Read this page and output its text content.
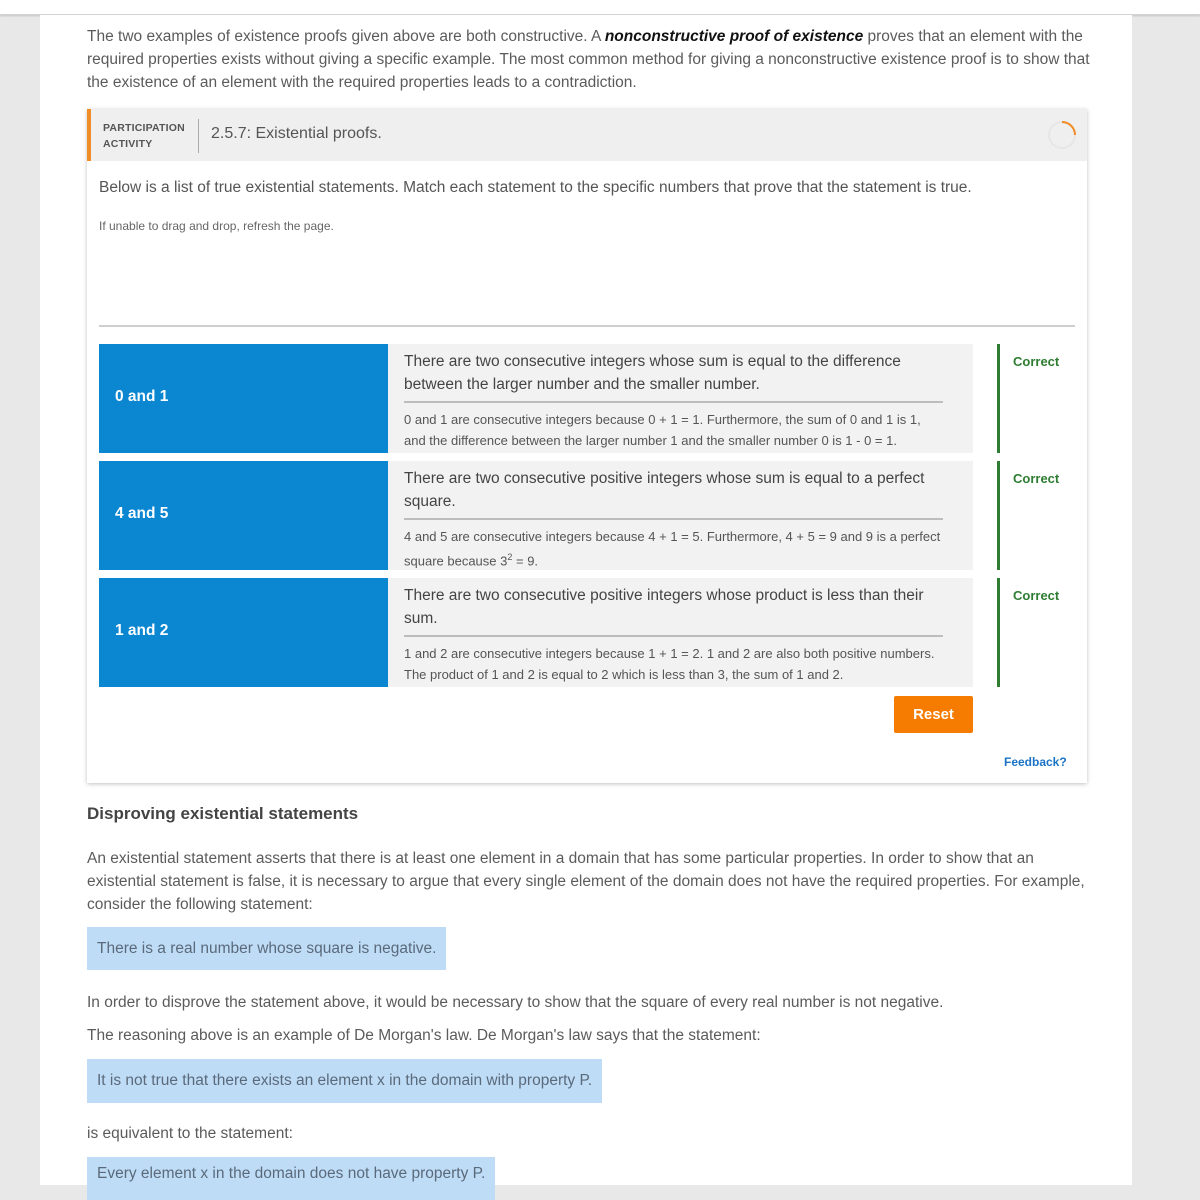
The two examples of existence proofs given above are both constructive. A nonconstructive proof of existence proves that an element with the required properties exists without giving a specific example. The most common method for giving a nonconstructive existence proof is to show that the existence of an element with the required properties leads to a contradiction.

PARTICIPATION ACTIVITY
2.5.7: Existential proofs.
Below is a list of true existential statements. Match each statement to the specific numbers that prove that the statement is true.
If unable to drag and drop, refresh the page.
0 and 1
There are two consecutive integers whose sum is equal to the difference between the larger number and the smaller number.
0 and 1 are consecutive integers because 0 + 1 = 1. Furthermore, the sum of 0 and 1 is 1, and the difference between the larger number 1 and the smaller number 0 is 1 - 0 = 1.
Correct
4 and 5
There are two consecutive positive integers whose sum is equal to a perfect square.
4 and 5 are consecutive integers because 4 + 1 = 5. Furthermore, 4 + 5 = 9 and 9 is a perfect square because $3^2 = 9$.
Correct
1 and 2
There are two consecutive positive integers whose product is less than their sum.
1 and 2 are consecutive integers because 1 + 1 = 2. 1 and 2 are also both positive numbers. The product of 1 and 2 is equal to 2 which is less than 3, the sum of 1 and 2.
Correct
Reset
Feedback?
Disproving existential statements
An existential statement asserts that there is at least one element in a domain that has some particular properties. In order to show that an existential statement is false, it is necessary to argue that every single element of the domain does not have the required properties. For example, consider the following statement:
There is a real number whose square is negative.
In order to disprove the statement above, it would be necessary to show that the square of every real number is not negative.
The reasoning above is an example of De Morgan's law. De Morgan's law says that the statement:
It is not true that there exists an element x in the domain with property P.
is equivalent to the statement:
Every element x in the domain does not have property P.
